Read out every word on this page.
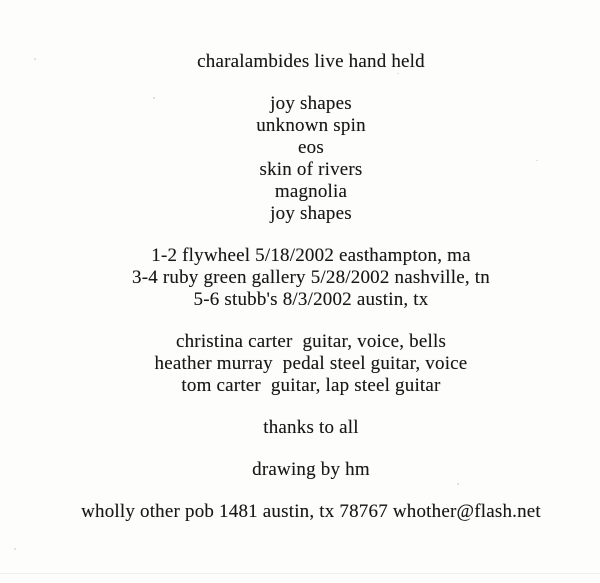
charalambides live hand held
joy shapes
unknown spin
eos
skin of rivers
magnolia
joy shapes
1-2 flywheel 5/18/2002 easthampton, ma
3-4 ruby green gallery 5/28/2002 nashville, tn
5-6 stubb's 8/3/2002 austin, tx
christina carter  guitar, voice, bells
heather murray  pedal steel guitar, voice
tom carter  guitar, lap steel guitar
thanks to all
drawing by hm
wholly other pob 1481 austin, tx 78767 whother@flash.net
